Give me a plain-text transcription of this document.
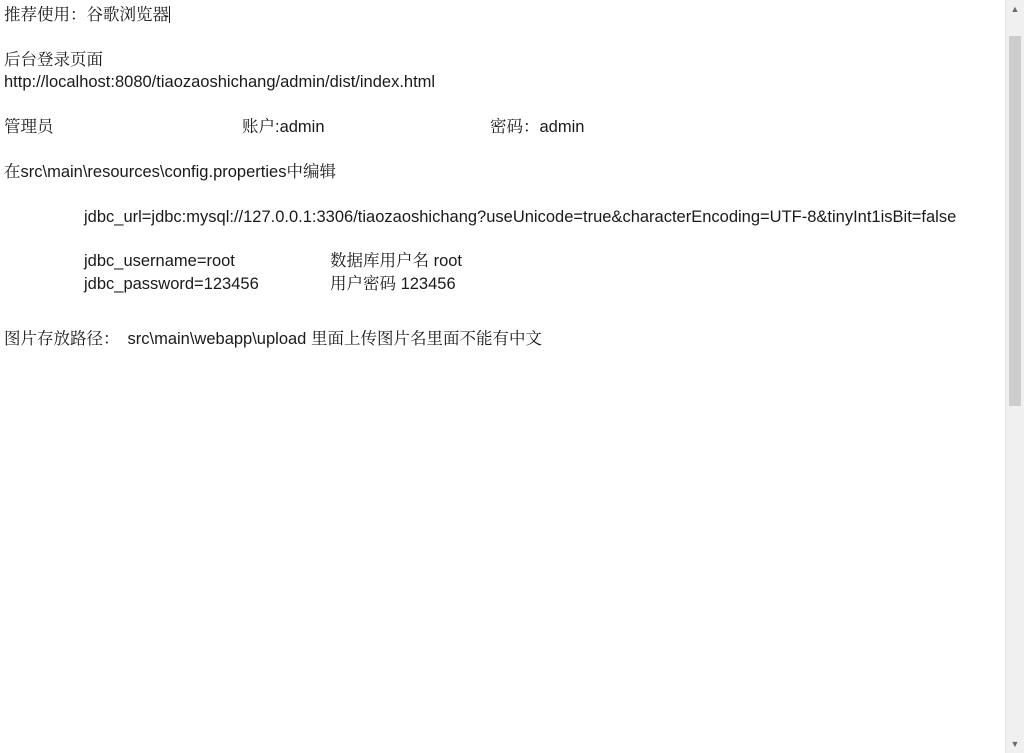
推荐使用：谷歌浏览器
后台登录页面
http://localhost:8080/tiaozaoshichang/admin/dist/index.html
管理员	账户:admin	密码：admin
在src\main\resources\config.properties中编辑
jdbc_url=jdbc:mysql://127.0.0.1:3306/tiaozaoshichang?useUnicode=true&characterEncoding=UTF-8&tinyInt1isBit=false
jdbc_username=root	数据库用户名 root
jdbc_password=123456	用户密码 123456
图片存放路径： src\main\webapp\upload 里面上传图片名里面不能有中文
▲
▼
